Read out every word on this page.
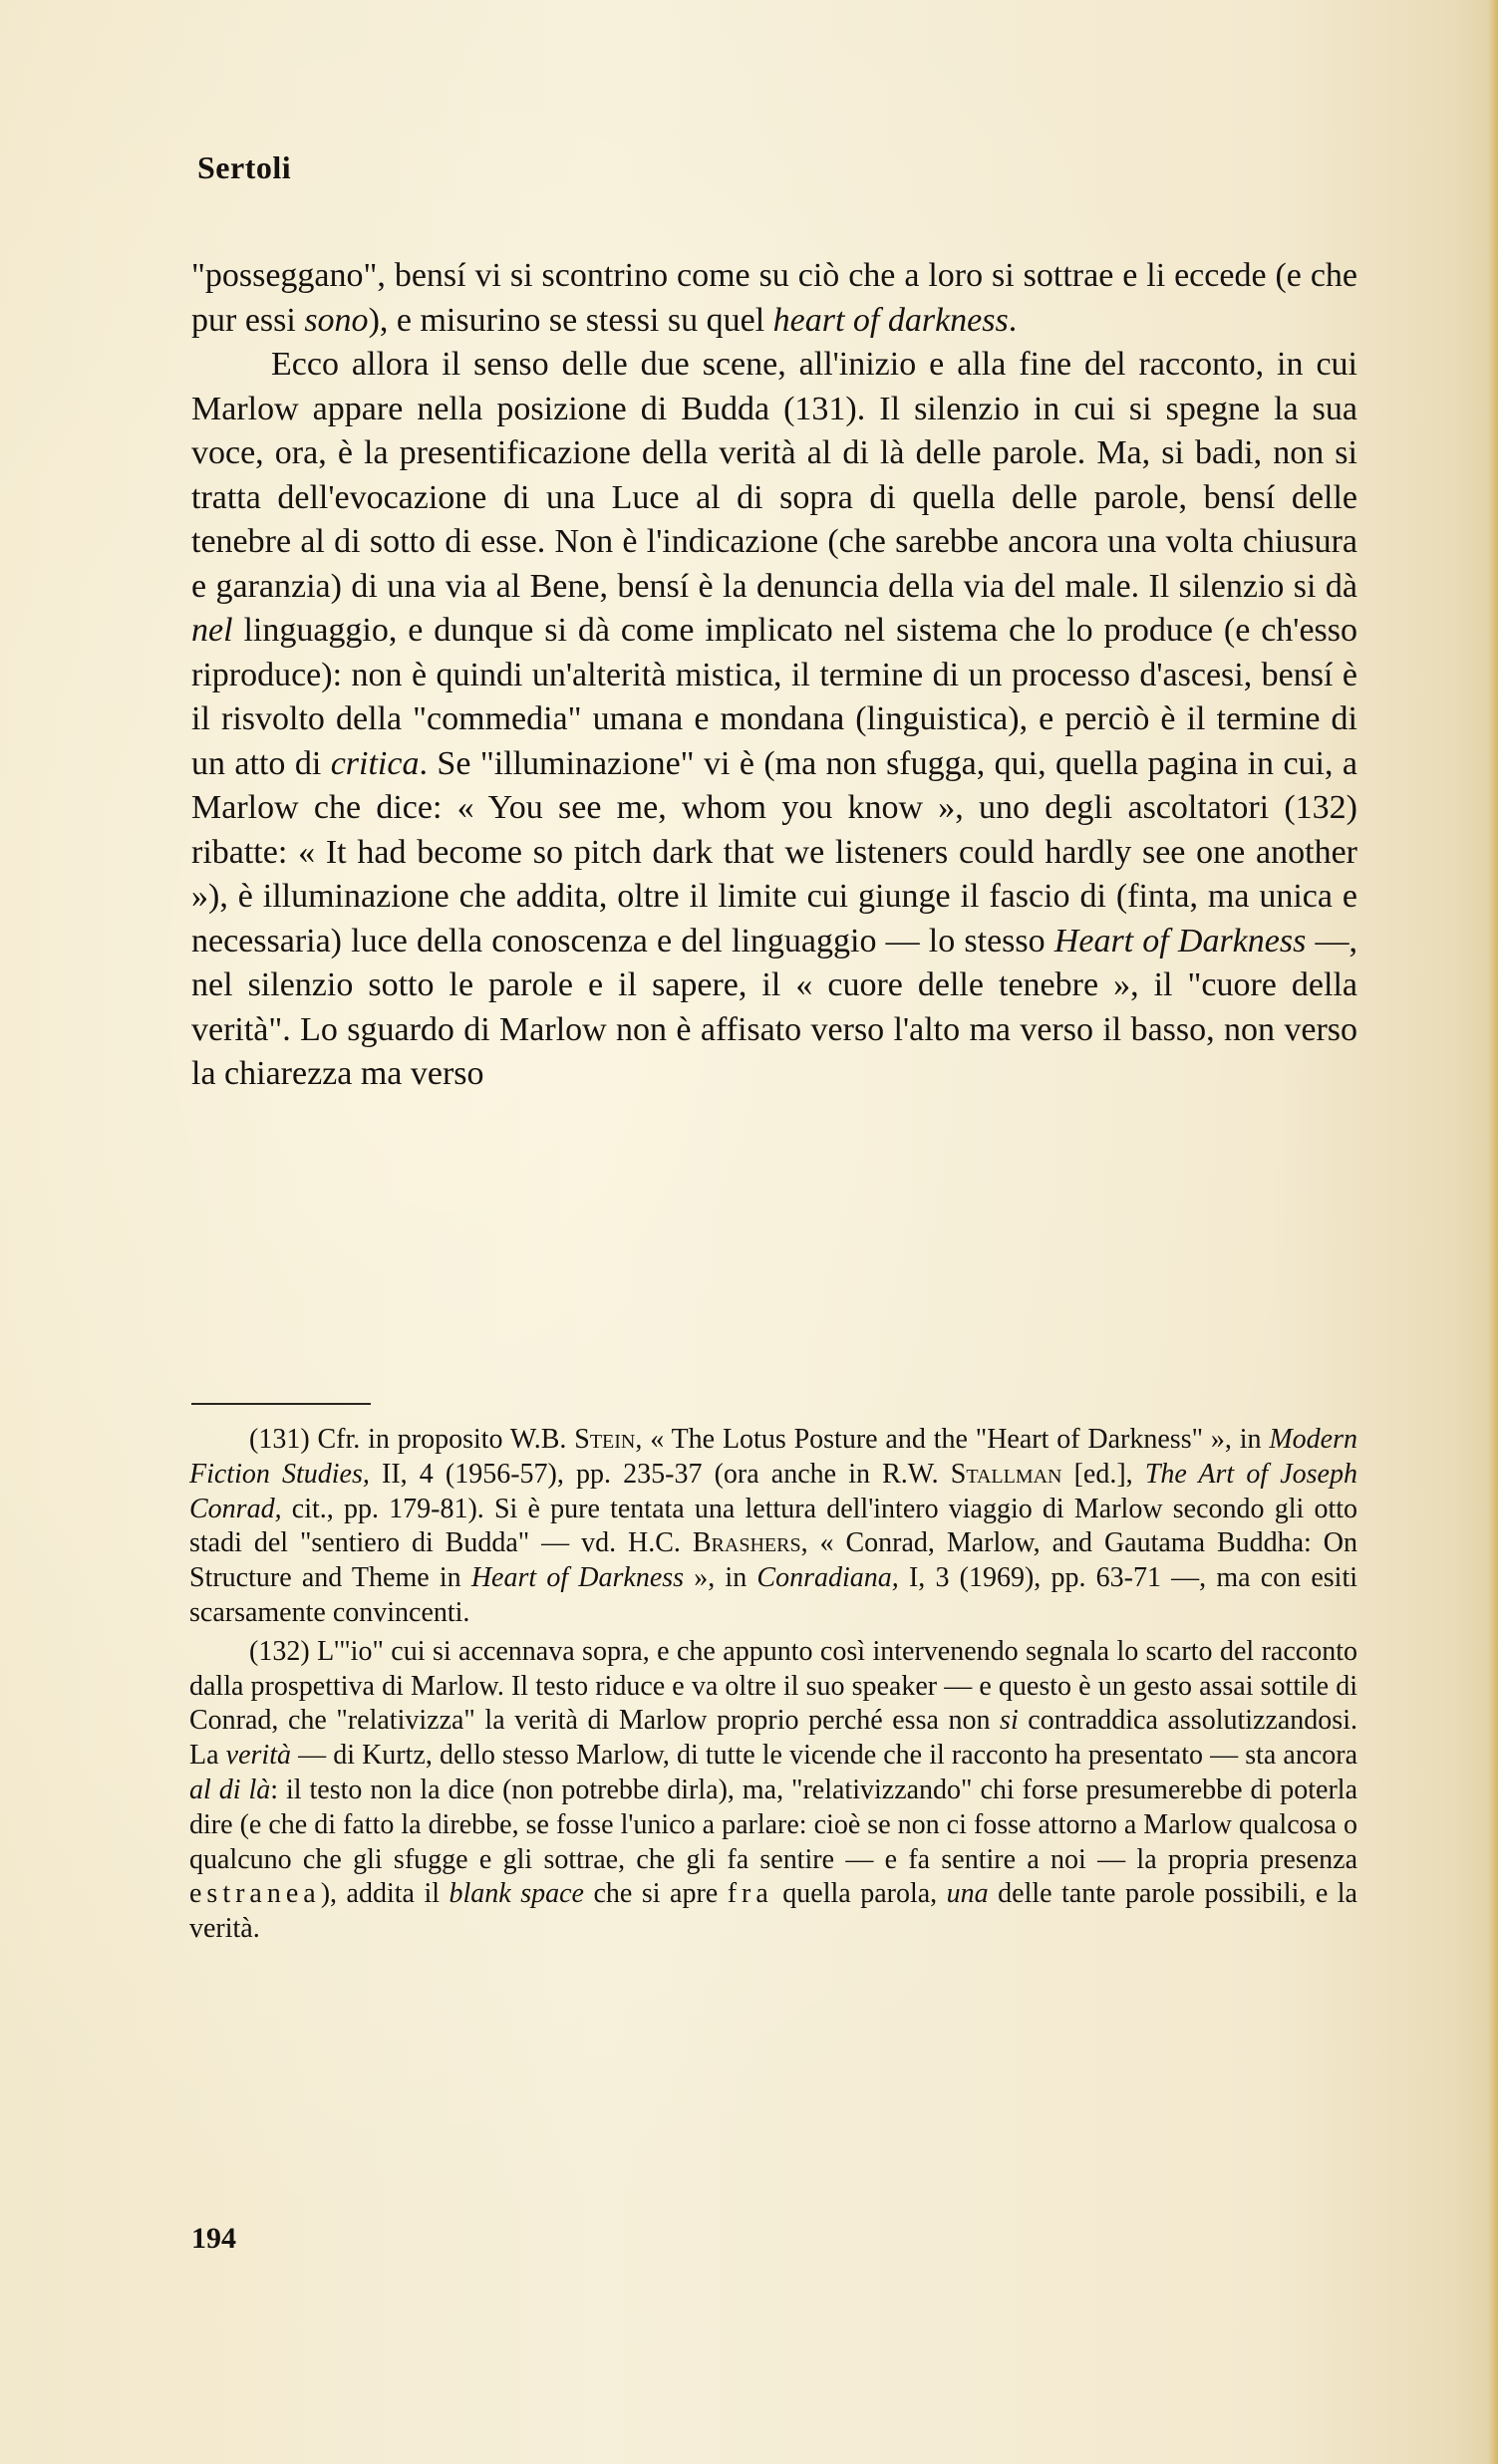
Sertoli

"posseggano", bensí vi si scontrino come su ciò che a loro si sottrae e li eccede (e che pur essi sono), e misurino se stessi su quel heart of darkness.

Ecco allora il senso delle due scene, all'inizio e alla fine del racconto, in cui Marlow appare nella posizione di Budda (131). Il silenzio in cui si spegne la sua voce, ora, è la presentificazione della verità al di là delle parole. Ma, si badi, non si tratta dell'evocazione di una Luce al di sopra di quella delle parole, bensí delle tenebre al di sotto di esse. Non è l'indicazione (che sarebbe ancora una volta chiusura e garanzia) di una via al Bene, bensí è la denuncia della via del male. Il silenzio si dà nel linguaggio, e dunque si dà come implicato nel sistema che lo produce (e ch'esso riproduce): non è quindi un'alterità mistica, il termine di un processo d'ascesi, bensí è il risvolto della "commedia" umana e mondana (linguistica), e perciò è il termine di un atto di critica. Se "illuminazione" vi è (ma non sfugga, qui, quella pagina in cui, a Marlow che dice: « You see me, whom you know », uno degli ascoltatori (132) ribatte: « It had become so pitch dark that we listeners could hardly see one another »), è illuminazione che addita, oltre il limite cui giunge il fascio di (finta, ma unica e necessaria) luce della conoscenza e del linguaggio — lo stesso Heart of Darkness —, nel silenzio sotto le parole e il sapere, il « cuore delle tenebre », il "cuore della verità". Lo sguardo di Marlow non è affisato verso l'alto ma verso il basso, non verso la chiarezza ma verso

(131) Cfr. in proposito W.B. Stein, « The Lotus Posture and the "Heart of Darkness" », in Modern Fiction Studies, II, 4 (1956-57), pp. 235-37 (ora anche in R.W. Stallman [ed.], The Art of Joseph Conrad, cit., pp. 179-81). Si è pure tentata una lettura dell'intero viaggio di Marlow secondo gli otto stadi del "sentiero di Budda" — vd. H.C. Brashers, « Conrad, Marlow, and Gautama Buddha: On Structure and Theme in Heart of Darkness », in Conradiana, I, 3 (1969), pp. 63-71 —, ma con esiti scarsamente convincenti.

(132) L'"io" cui si accennava sopra, e che appunto così intervenendo segnala lo scarto del racconto dalla prospettiva di Marlow. Il testo riduce e va oltre il suo speaker — e questo è un gesto assai sottile di Conrad, che "relativizza" la verità di Marlow proprio perché essa non si contraddica assolutizzandosi. La verità — di Kurtz, dello stesso Marlow, di tutte le vicende che il racconto ha presentato — sta ancora al di là: il testo non la dice (non potrebbe dirla), ma, "relativizzando" chi forse presumerebbe di poterla dire (e che di fatto la direbbe, se fosse l'unico a parlare: cioè se non ci fosse attorno a Marlow qualcosa o qualcuno che gli sfugge e gli sottrae, che gli fa sentire — e fa sentire a noi — la propria presenza estranea), addita il blank space che si apre fra quella parola, una delle tante parole possibili, e la verità.

194
